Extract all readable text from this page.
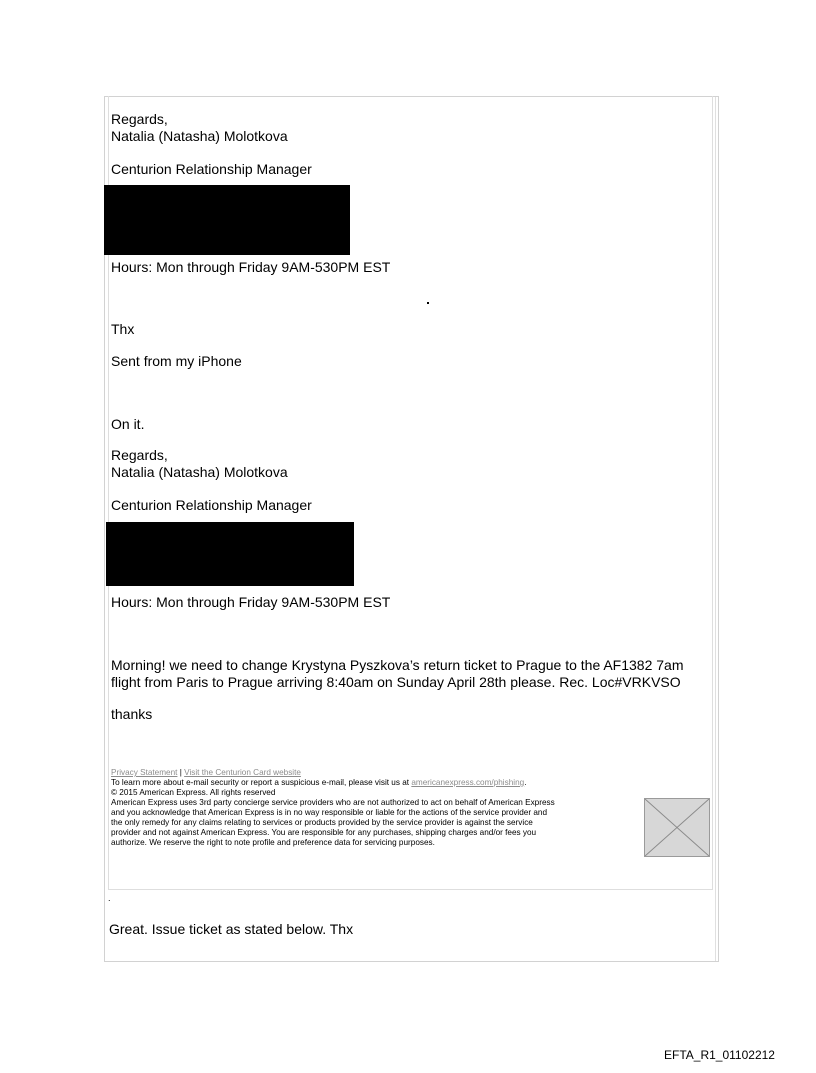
Regards,
Natalia (Natasha) Molotkova
Centurion Relationship Manager
Hours: Mon through Friday 9AM-530PM EST
Thx
Sent from my iPhone
On it.
Regards,
Natalia (Natasha) Molotkova
Centurion Relationship Manager
Hours: Mon through Friday 9AM-530PM EST
Morning! we need to change Krystyna Pyszkova’s return ticket to Prague to the AF1382 7am
flight from Paris to Prague arriving 8:40am on Sunday April 28th please. Rec. Loc#VRKVSO
thanks
Privacy Statement | Visit the Centurion Card website
To learn more about e-mail security or report a suspicious e-mail, please visit us at americanexpress.com/phishing.
© 2015 American Express. All rights reserved
American Express uses 3rd party concierge service providers who are not authorized to act on behalf of American Express
and you acknowledge that American Express is in no way responsible or liable for the actions of the service provider and
the only remedy for any claims relating to services or products provided by the service provider is against the service
provider and not against American Express. You are responsible for any purchases, shipping charges and/or fees you
authorize. We reserve the right to note profile and preference data for servicing purposes.
.
Great. Issue ticket as stated below. Thx
EFTA_R1_01102212
